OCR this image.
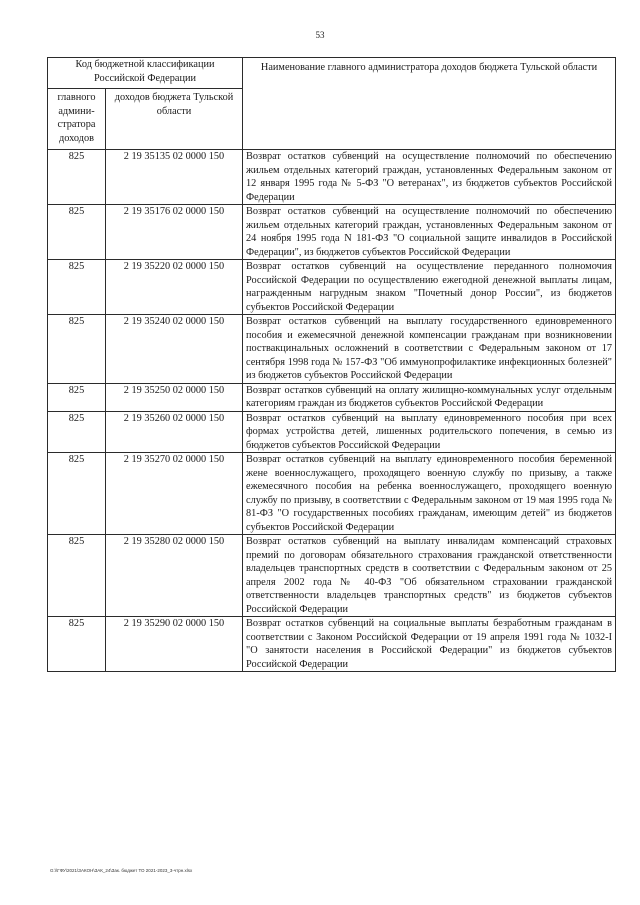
53
Код бюджетной классификации Российской Федерации		Наименование главного администратора доходов бюджета Тульской области
главного админи-стратора доходов	доходов бюджета Тульской области	
825	2 19 35135 02 0000 150	Возврат остатков субвенций на осуществление полномочий по обеспечению жильем отдельных категорий граждан, установленных Федеральным законом от 12 января 1995 года № 5-ФЗ "О ветеранах", из бюджетов субъектов Российской Федерации
825	2 19 35176 02 0000 150	Возврат остатков субвенций на осуществление полномочий по обеспечению жильем отдельных категорий граждан, установленных Федеральным законом от 24 ноября 1995 года N 181-ФЗ "О социальной защите инвалидов в Российской Федерации", из бюджетов субъектов Российской Федерации
825	2 19 35220 02 0000 150	Возврат остатков субвенций на осуществление переданного полномочия Российской Федерации по осуществлению ежегодной денежной выплаты лицам, награжденным нагрудным знаком "Почетный донор России", из бюджетов субъектов Российской Федерации
825	2 19 35240 02 0000 150	Возврат остатков субвенций на выплату государственного единовременного пособия и ежемесячной денежной компенсации гражданам при возникновении поствакцинальных осложнений в соответствии с Федеральным законом от 17 сентября 1998 года № 157-ФЗ "Об иммунопрофилактике инфекционных болезней" из бюджетов субъектов Российской Федерации
825	2 19 35250 02 0000 150	Возврат остатков субвенций на оплату жилищно-коммунальных услуг отдельным категориям граждан из бюджетов субъектов Российской Федерации
825	2 19 35260 02 0000 150	Возврат остатков субвенций на выплату единовременного пособия при всех формах устройства детей, лишенных родительского попечения, в семью из бюджетов субъектов Российской Федерации
825	2 19 35270 02 0000 150	Возврат остатков субвенций на выплату единовременного пособия беременной жене военнослужащего, проходящего военную службу по призыву, а также ежемесячного пособия на ребенка военнослужащего, проходящего военную службу по призыву, в соответствии с Федеральным законом от 19 мая 1995 года № 81-ФЗ "О государственных пособиях гражданам, имеющим детей" из бюджетов субъектов Российской Федерации
825	2 19 35280 02 0000 150	Возврат остатков субвенций на выплату инвалидам компенсаций страховых премий по договорам обязательного страхования гражданской ответственности владельцев транспортных средств в соответствии с Федеральным законом от 25 апреля 2002 года № 40-ФЗ "Об обязательном страховании гражданской ответственности владельцев транспортных средств" из бюджетов субъектов Российской Федерации
825	2 19 35290 02 0000 150	Возврат остатков субвенций на социальные выплаты безработным гражданам в соответствии с Законом Российской Федерации от 19 апреля 1991 года № 1032-I "О занятости населения в Российской Федерации" из бюджетов субъектов Российской Федерации
G:\\ГФУ\2021\ЗАКОН\ЗАК_24\Зак. бюджет ТО 2021-2023_3-чтрн.xlsx
